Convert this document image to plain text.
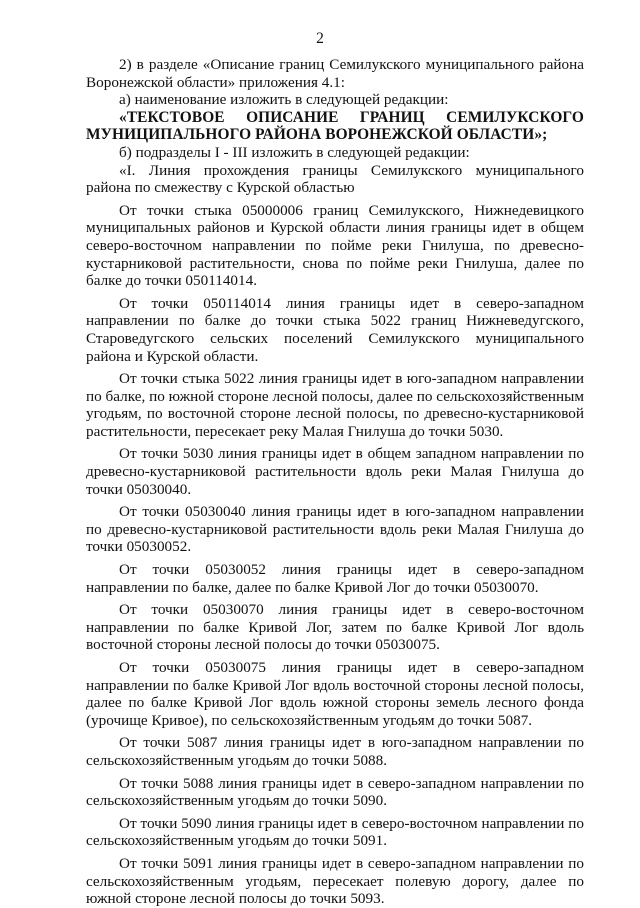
2

2) в разделе «Описание границ Семилукского муниципального района Воронежской области» приложения 4.1:

а) наименование изложить в следующей редакции:

«ТЕКСТОВОЕ ОПИСАНИЕ ГРАНИЦ СЕМИЛУКСКОГО МУНИЦИПАЛЬНОГО РАЙОНА ВОРОНЕЖСКОЙ ОБЛАСТИ»;

б) подразделы I - III изложить в следующей редакции:

«I. Линия прохождения границы Семилукского муниципального района по смежеству с Курской областью

От точки стыка 05000006 границ Семилукского, Нижнедевицкого муниципальных районов и Курской области линия границы идет в общем северо-восточном направлении по пойме реки Гнилуша, по древесно-кустарниковой растительности, снова по пойме реки Гнилуша, далее по балке до точки 050114014.

От точки 050114014 линия границы идет в северо-западном направлении по балке до точки стыка 5022 границ Нижневедугского, Староведугского сельских поселений Семилукского муниципального района и Курской области.

От точки стыка 5022 линия границы идет в юго-западном направлении по балке, по южной стороне лесной полосы, далее по сельскохозяйственным угодьям, по восточной стороне лесной полосы, по древесно-кустарниковой растительности, пересекает реку Малая Гнилуша до точки 5030.

От точки 5030 линия границы идет в общем западном направлении по древесно-кустарниковой растительности вдоль реки Малая Гнилуша до точки 05030040.

От точки 05030040 линия границы идет в юго-западном направлении по древесно-кустарниковой растительности вдоль реки Малая Гнилуша до точки 05030052.

От точки 05030052 линия границы идет в северо-западном направлении по балке, далее по балке Кривой Лог до точки 05030070.

От точки 05030070 линия границы идет в северо-восточном направлении по балке Кривой Лог, затем по балке Кривой Лог вдоль восточной стороны лесной полосы до точки 05030075.

От точки 05030075 линия границы идет в северо-западном направлении по балке Кривой Лог вдоль восточной стороны лесной полосы, далее по балке Кривой Лог вдоль южной стороны земель лесного фонда (урочище Кривое), по сельскохозяйственным угодьям до точки 5087.

От точки 5087 линия границы идет в юго-западном направлении по сельскохозяйственным угодьям до точки 5088.

От точки 5088 линия границы идет в северо-западном направлении по сельскохозяйственным угодьям до точки 5090.

От точки 5090 линия границы идет в северо-восточном направлении по сельскохозяйственным угодьям до точки 5091.

От точки 5091 линия границы идет в северо-западном направлении по сельскохозяйственным угодьям, пересекает полевую дорогу, далее по южной стороне лесной полосы до точки 5093.
